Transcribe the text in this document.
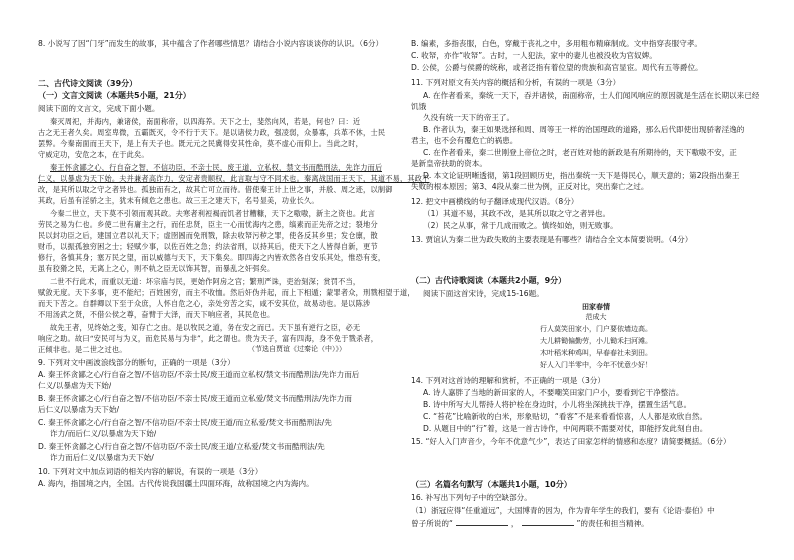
8. 小说写了因“门牙”而发生的故事，其中蕴含了作者哪些情思？请结合小说内容谈谈你的认识。（6分）
二、古代诗文阅读（39分）
（一）文言文阅读（本题共5小题，21分）
阅读下面的文言文，完成下面小题。
秦灭周祀，并海内，兼诸侯，南面称帝，以四海养。天下之士，斐然向风，若是，何也？曰：近
古之无王者久矣。周室卑微，五霸既灭，令不行于天下。是以诸侯力政，强凌弱，众暴寡，兵革不休，士民
罢弊。今秦南面而王天下，是上有天子也。既元元之民冀得安其性命，莫不虚心而仰上。当此之时，
守威定功，安危之本，在于此矣。
秦王怀贪鄙之心，行自奋之智，不信功臣，不亲士民，废王道，立私权，禁文书而酷刑法，先诈力而后
仁义，以暴虐为天下始。夫并兼者高诈力，安定者贵顺权，此言取与守不同术也。秦离战国而王天下，其道不易，其政不
改，是其所以取之守之者异也。孤独而有之，故其亡可立而待。借使秦王计上世之事，并殷、周之迹，以制御
其政，后虽有淫骄之主，犹未有倾危之患也。故三王之建天下，名号显美，功业长久。
今秦二世立，天下莫不引领而观其政。夫寒者利裋褐而饥者甘糟糠，天下之嗷嗷，新主之资也。此言
劳民之易为仁也。乡使二世有庸主之行，而任忠贤，臣主一心而忧海内之患，缟素而正先帝之过；裂地分
民以封功臣之后，建国立君以礼天下；虚囹圄而免刑戮，除去收帑污秽之罪，使各反其乡里；发仓廪，散
财币，以振孤独穷困之士；轻赋少事，以佐百姓之急；约法省刑，以持其后，使天下之人皆得自新，更节
修行，各慎其身；塞万民之望，而以威德与天下，天下集矣。即四海之内皆欢然各自安乐其处，惟恐有变，
虽有狡猾之民，无离上之心，则不轨之臣无以饰其智，而暴乱之奸弭矣。
二世不行此术，而重以无道：坏宗庙与民，更始作阿房之宫；繁刑严诛，吏治刻深；赏罚不当，
赋敛无度。天下多事，吏不能纪；百姓困穷，而主不收恤。然后奸伪并起，而上下相遁；蒙罪者众，刑戮相望于道，
而天下苦之。自群卿以下至于众庶，人怀自危之心，亲处穷苦之实，咸不安其位，故易动也。是以陈涉
不用汤武之贤，不借公侯之尊，奋臂于大泽，而天下响应者，其民危也。
故先王者，见终始之变，知存亡之由。是以牧民之道，务在安之而已。天下虽有逆行之臣，必无
响应之助。故曰“安民可与为义，而危民易与为非”，此之谓也。贵为天子，富有四海，身不免于戮杀者，
正倾非也。是二世之过也。	（节选自贾谊《过秦论（中）》）
9. 下列对文中画波浪线部分的断句，正确的一项是（3分）
A. 秦王怀贪鄙之心/行自奋之智/不信功臣/不亲士民/废王道而立私权/禁文书而酷刑法/先诈力而后
仁义/以暴虐为天下始/
B. 秦王怀贪鄙之心/行自奋之智/不信功臣/不亲士民/废王道而立私爱/焚文书而酷刑法/先诈力而
后仁义/以暴虐为天下始/
C. 秦王怀贪鄙之心/行自奋之智/不信功臣/不亲士民/废王道/而立私爱/焚文书而酷刑法/先
诈力/而后仁义/以暴虐为天下始/
D. 秦王怀贪鄙之心/行自奋之智/不信功臣/不亲士民/废王道/立私爱/焚文书而酷刑法/先
诈力而后仁义/以暴虐为天下始/
10. 下列对文中加点词语的相关内容的解说，有误的一项是（3分）
A. 海内，指国境之内，全国。古代传说我国疆土四面环海，故称国境之内为海内。
B. 编素，多指丧服，白色，穿戴于丧礼之中，多用粗布精麻制成。文中指穿丧服守孝。
C. 收帑，亦作“收帑”。古时，一人犯法，家中的妻儿也被没收为官奴婢。
D. 公侯，公爵与侯爵的统称，或者泛指有着位望的贵族和高官显宦。周代有五等爵位。
11. 下列对原文有关内容的概括和分析，有误的一项是（3分）
A. 在作者看来，秦统一天下，吞并诸侯，南面称帝，士人们闻风响应的原因就是生活在长期以来已经
饥饿
久没有统一天下的帝王了。
B. 作者认为，秦王如果选择和周、周等王一样的治国理政的道路，那么后代即使出现骄奢淫逸的
君主，也不会有覆危亡的祸患。
C. 在作者看来，秦二世刚登上帝位之时，老百姓对他的新政是有所期待的，天下嗷嗷不安，正
是新皇帝扶助的资本。
D. 本文论证明晰透彻，第1段回顾历史，指出秦统一天下是得民心，顺天意的；第2段指出秦王
失败的根本原因；第3、4段从秦二世为例，正反对比，突出秦亡之过。
12. 把文中画横线的句子翻译成现代汉语。（8分）
（1）其道不易，其政不改，是其所以取之守之者异也。
（2）民之从事，常于几成而败之。慎终如始，则无败事。
13. 贾谊认为秦二世为政失败的主要表现是有哪些？请结合全文本简要说明。（4分）
（二）古代诗歌阅读（本题共2小题，9分）
阅读下面这首宋诗，完成15-16题。
田家春情
范成大
行人莫笑田家小，门户要依墙边高。
大儿耕锄偏勤劳，小儿锄禾扫河滩。
木叶稻米种鸡叫，早春春社未到田。
好人入门半零中，今年不忧意少好！
14. 下列对这首诗的理解和赏析，不正确的一项是（3分）
A. 诗人嘉胖了当地的新田家的人，不要嘲笑田家门户小，要看到它干净整洁。
B. 诗中所写大儿帮持人将护栓在身边时，小儿将坐深挑扶干净，摆置生活气息。
C. “苔花”比喻新收的白米，形象贴切，“看客”不是来看看惊喜，人人都是欢欣自然。
D. 从题目中的“行”着，这是一首古诗作，中间两联不需要对仗，即能抒发此刻自由。
15. “好人入门声音少，今年不优意气少”，表达了田家怎样的情感和态度？请简要概括。（6分）
（三）名篇名句默写（本题共1小题，10分）
16. 补写出下列句子中的空缺部分。
（1）浙冠应得“任重道远”，大国博青的因为，作为青年学生的我们，要有《论语·泰伯》中
曾子所说的“	，	”的责任和担当精神。
